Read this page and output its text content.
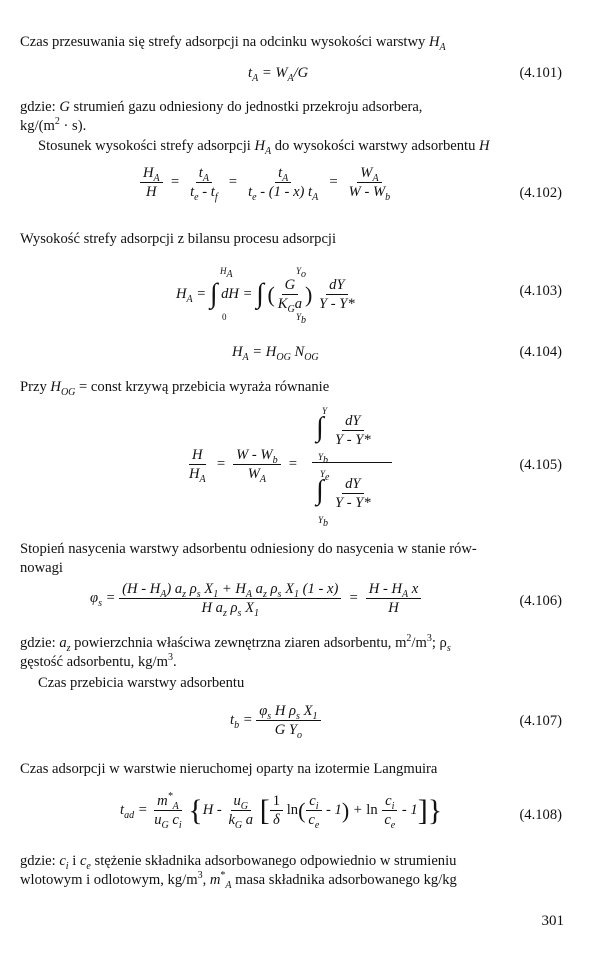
Czas przesuwania się strefy adsorpcji na odcinku wysokości warstwy $H_A$
$t_A = W_A/G$	(4.101)
gdzie: G strumień gazu odniesiony do jednostki przekroju adsorbera,
$kg/(m^2 \cdot s)$.
Stosunek wysokości strefy adsorpcji $H_A$ do wysokości warstwy adsorbentu H
$\frac{H_A}{H} = \frac{t_A}{t_e - t_f} = \frac{t_A}{t_e - (1 - x) t_A} = \frac{W_A}{W - W_b}$	(4.102)
Wysokość strefy adsorpcji z bilansu procesu adsorpcji
$H_A$
0
$Y_o$
$Y_b$
$H_A$ = ∫ dH = ∫ ( $\frac{G}{K_Ga}$ ) $\frac{dY}{Y - Y*}$	(4.103)
$H_A = H_{OG}$ $N_{OG}$	(4.104)
Przy $H_{OG}$ = const krzywą przebicia wyraża równanie
$\frac{H}{H_A} = \frac{W - W_b}{W_A}$ =
Y
∫
$Y_b$
$\frac{dY}{Y - Y*}$
$Y_e$
∫
$Y_b$
$\frac{dY}{Y - Y*}$
(4.105)
Stopień nasycenia warstwy adsorbentu odniesiony do nasycenia w stanie rów-
nowagi
$\varphi_s = \frac{(H - H_A) a_z \rho_s X_1 + H_A a_z \rho_s X_1 (1 - x)}{H a_z \rho_s X_1} = \frac{H - H_A x}{H}$	(4.106)
gdzie: $a_z$ powierzchnia właściwa zewnętrzna ziaren adsorbentu, $m^2/m^3$; $\rho_s$
gęstość adsorbentu, $kg/m^3$.
Czas przebicia warstwy adsorbentu
$t_b = \frac{\varphi_s H \rho_s X_1}{G Y_o}$	(4.107)
Czas adsorpcji w warstwie nieruchomej oparty na izotermie Langmuira
$t_{ad} = \frac{m^*_A}{u_G c_i} \{H - \frac{u_G}{k_G a}$ [ $\frac{1}{\delta} \ln( \frac{c_i}{c_e} - 1) + \ln \frac{c_i}{c_e} - 1$]}	(4.108)
gdzie: $c_i$ i $c_e$ stężenie składnika adsorbowanego odpowiednio w strumieniu
wlotowym i odlotowym, $kg/m^3$, $m^*_A$ masa składnika adsorbowanego kg/kg
301
